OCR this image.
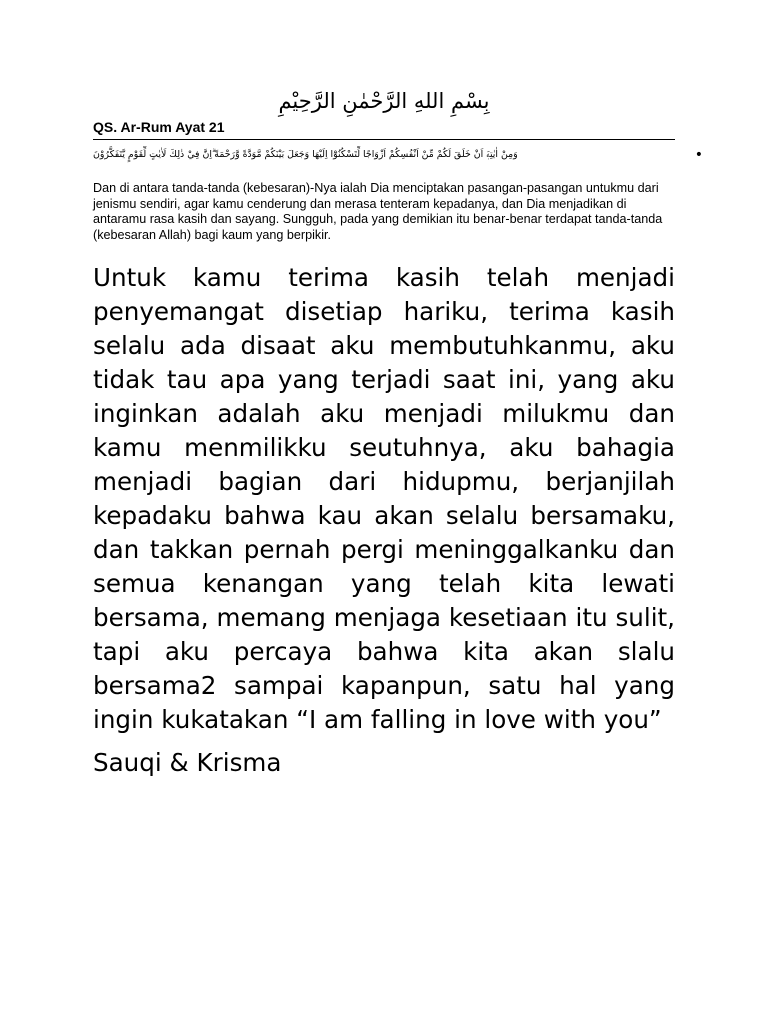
بِسْمِ اللهِ الرَّحْمٰنِ الرَّحِيْمِ

QS. Ar-Rum Ayat 21

وَمِنْ اٰيٰتِهٖٓ اَنْ خَلَقَ لَكُمْ مِّنْ اَنْفُسِكُمْ اَزْوَاجًا لِّتَسْكُنُوْٓا اِلَيْهَا وَجَعَلَ بَيْنَكُمْ مَّوَدَّةً وَّرَحْمَةً ۗاِنَّ فِيْ ذٰلِكَ لَاٰيٰتٍ لِّقَوْمٍ يَّتَفَكَّرُوْنَ	•

Dan di antara tanda-tanda (kebesaran)-Nya ialah Dia menciptakan pasangan-pasangan untukmu dari jenismu sendiri, agar kamu cenderung dan merasa tenteram kepadanya, dan Dia menjadikan di antaramu rasa kasih dan sayang. Sungguh, pada yang demikian itu benar-benar terdapat tanda-tanda (kebesaran Allah) bagi kaum yang berpikir.

Untuk kamu terima kasih telah menjadi penyemangat disetiap hariku, terima kasih selalu ada disaat aku membutuhkanmu, aku tidak tau apa yang terjadi saat ini, yang aku inginkan adalah aku menjadi milukmu dan kamu menmilikku seutuhnya, aku bahagia menjadi bagian dari hidupmu, berjanjilah kepadaku bahwa kau akan selalu bersamaku, dan takkan pernah pergi meninggalkanku dan semua kenangan yang telah kita lewati bersama, memang menjaga kesetiaan itu sulit, tapi aku percaya bahwa kita akan slalu bersama2 sampai kapanpun, satu hal yang ingin kukatakan “I am falling in love with you”

Sauqi & Krisma
